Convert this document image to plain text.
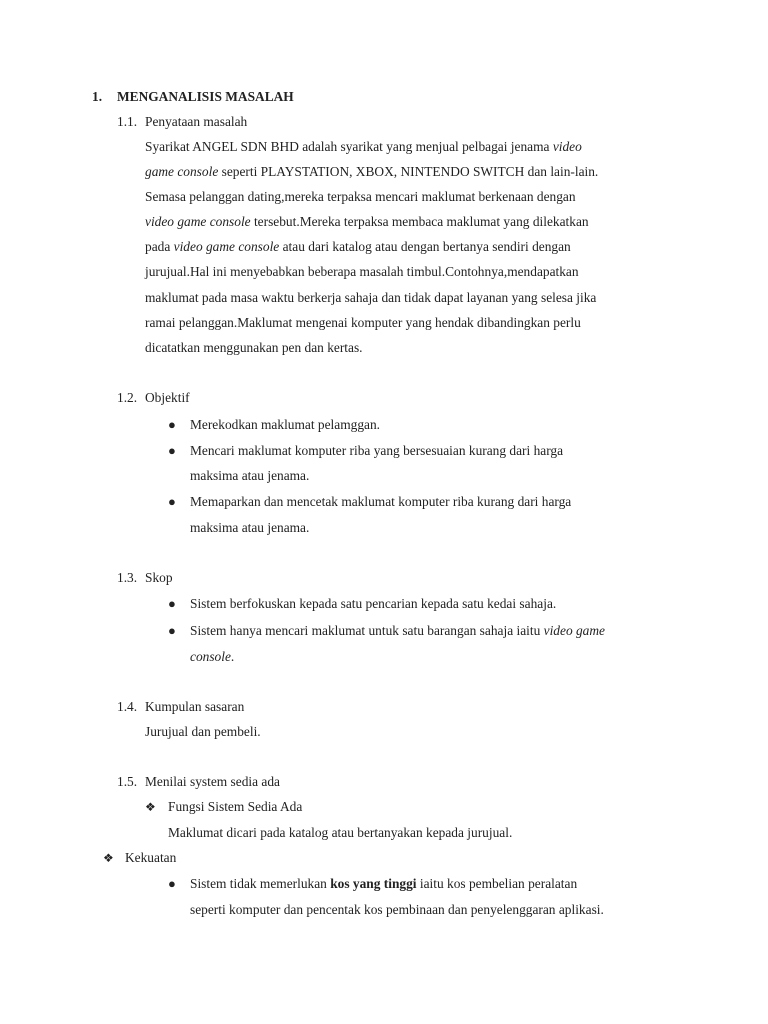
1. MENGANALISIS MASALAH
1.1. Penyataan masalah
Syarikat ANGEL SDN BHD adalah syarikat yang menjual pelbagai jenama video
game console seperti PLAYSTATION, XBOX, NINTENDO SWITCH dan lain-lain.
Semasa pelanggan dating,mereka terpaksa mencari maklumat berkenaan dengan
video game console tersebut.Mereka terpaksa membaca maklumat yang dilekatkan
pada video game console atau dari katalog atau dengan bertanya sendiri dengan
jurujual.Hal ini menyebabkan beberapa masalah timbul.Contohnya,mendapatkan
maklumat pada masa waktu berkerja sahaja dan tidak dapat layanan yang selesa jika
ramai pelanggan.Maklumat mengenai komputer yang hendak dibandingkan perlu
dicatatkan menggunakan pen dan kertas.
1.2. Objektif
● Merekodkan maklumat pelamggan.
● Mencari maklumat komputer riba yang bersesuaian kurang dari harga
maksima atau jenama.
● Memaparkan dan mencetak maklumat komputer riba kurang dari harga
maksima atau jenama.
1.3. Skop
● Sistem berfokuskan kepada satu pencarian kepada satu kedai sahaja.
● Sistem hanya mencari maklumat untuk satu barangan sahaja iaitu video game
console.
1.4. Kumpulan sasaran
Jurujual dan pembeli.
1.5. Menilai system sedia ada
❖ Fungsi Sistem Sedia Ada
Maklumat dicari pada katalog atau bertanyakan kepada jurujual.
❖ Kekuatan
● Sistem tidak memerlukan kos yang tinggi iaitu kos pembelian peralatan
seperti komputer dan pencentak kos pembinaan dan penyelenggaran aplikasi.
